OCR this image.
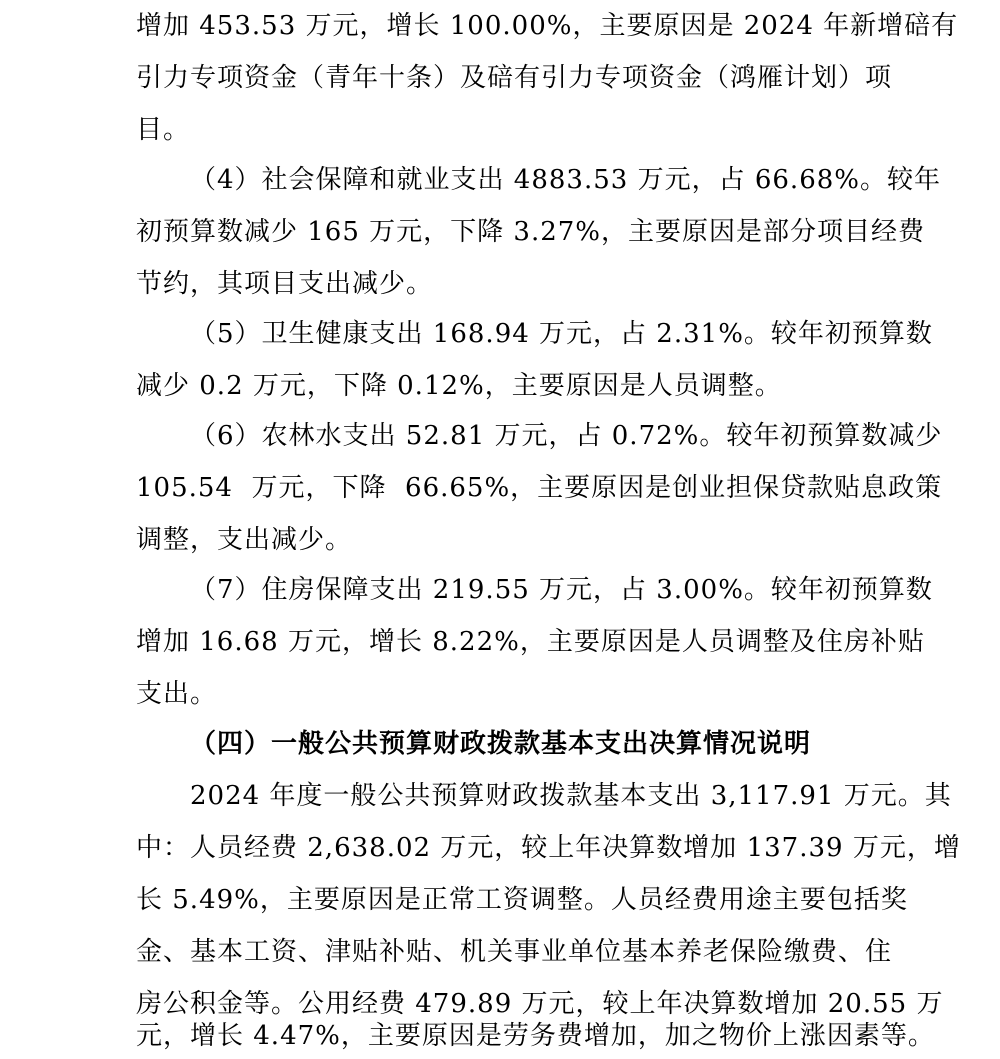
增加 453.53 万元，增长 100.00%，主要原因是 2024 年新增碚有
引力专项资金（青年十条）及碚有引力专项资金（鸿雁计划）项
目。
（4）社会保障和就业支出 4883.53 万元，占 66.68%。较年
初预算数减少 165 万元，下降 3.27%，主要原因是部分项目经费
节约，其项目支出减少。
（5）卫生健康支出 168.94 万元，占 2.31%。较年初预算数
减少 0.2 万元，下降 0.12%，主要原因是人员调整。
（6）农林水支出 52.81 万元，占 0.72%。较年初预算数减少
105.54  万元，下降  66.65%，主要原因是创业担保贷款贴息政策
调整，支出减少。
（7）住房保障支出 219.55 万元，占 3.00%。较年初预算数
增加 16.68 万元，增长 8.22%，主要原因是人员调整及住房补贴
支出。
（四）一般公共预算财政拨款基本支出决算情况说明
2024 年度一般公共预算财政拨款基本支出 3,117.91 万元。其
中：人员经费 2,638.02 万元，较上年决算数增加 137.39 万元，增
长 5.49%，主要原因是正常工资调整。人员经费用途主要包括奖
金、基本工资、津贴补贴、机关事业单位基本养老保险缴费、住
房公积金等。公用经费 479.89 万元，较上年决算数增加 20.55 万
元，增长 4.47%，主要原因是劳务费增加，加之物价上涨因素等。
